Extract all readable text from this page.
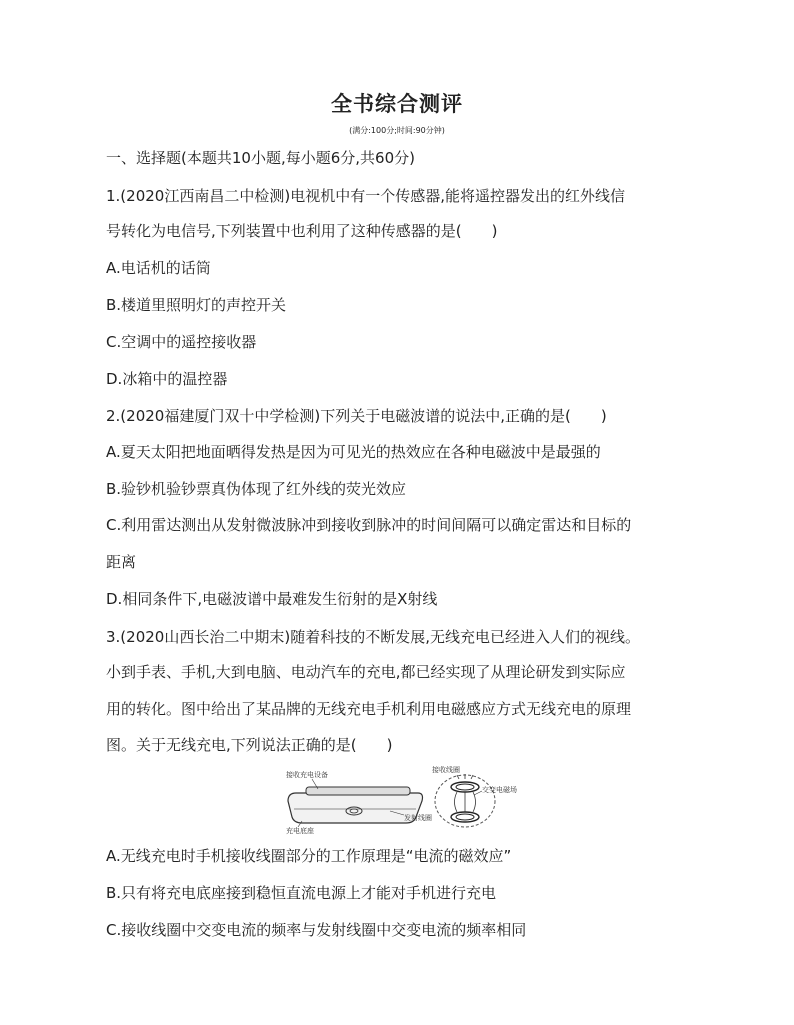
全书综合测评
(满分:100分;时间:90分钟)
一、选择题(本题共10小题,每小题6分,共60分)
1.(2020江西南昌二中检测)电视机中有一个传感器,能将遥控器发出的红外线信
号转化为电信号,下列装置中也利用了这种传感器的是(　　)
A.电话机的话筒
B.楼道里照明灯的声控开关
C.空调中的遥控接收器
D.冰箱中的温控器
2.(2020福建厦门双十中学检测)下列关于电磁波谱的说法中,正确的是(　　)
A.夏天太阳把地面晒得发热是因为可见光的热效应在各种电磁波中是最强的
B.验钞机验钞票真伪体现了红外线的荧光效应
C.利用雷达测出从发射微波脉冲到接收到脉冲的时间间隔可以确定雷达和目标的
距离
D.相同条件下,电磁波谱中最难发生衍射的是X射线
3.(2020山西长治二中期末)随着科技的不断发展,无线充电已经进入人们的视线。
小到手表、手机,大到电脑、电动汽车的充电,都已经实现了从理论研发到实际应
用的转化。图中给出了某品牌的无线充电手机利用电磁感应方式无线充电的原理
图。关于无线充电,下列说法正确的是(　　)
接收充电设备
接收线圈
交变电磁场
发射线圈
充电底座
A.无线充电时手机接收线圈部分的工作原理是“电流的磁效应”
B.只有将充电底座接到稳恒直流电源上才能对手机进行充电
C.接收线圈中交变电流的频率与发射线圈中交变电流的频率相同
